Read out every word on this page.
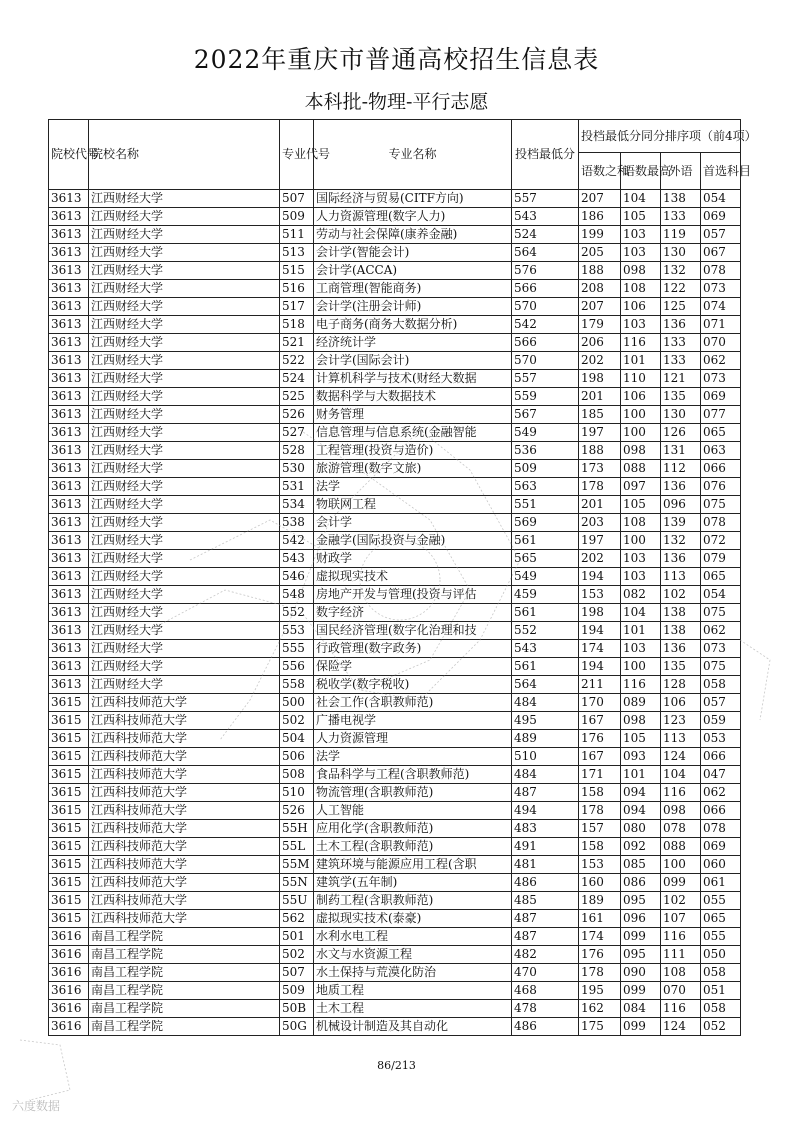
2022年重庆市普通高校招生信息表
本科批-物理-平行志愿
院校代号	院校名称	专业代号	专业名称	投档最低分	投档最低分同分排序项（前4项）			
					语数之和	语数最高	外语	首选科目
3613	江西财经大学	507	国际经济与贸易(CITF方向)	557	207	104	138	054
3613	江西财经大学	509	人力资源管理(数字人力)	543	186	105	133	069
3613	江西财经大学	511	劳动与社会保障(康养金融)	524	199	103	119	057
3613	江西财经大学	513	会计学(智能会计)	564	205	103	130	067
3613	江西财经大学	515	会计学(ACCA)	576	188	098	132	078
3613	江西财经大学	516	工商管理(智能商务)	566	208	108	122	073
3613	江西财经大学	517	会计学(注册会计师)	570	207	106	125	074
3613	江西财经大学	518	电子商务(商务大数据分析)	542	179	103	136	071
3613	江西财经大学	521	经济统计学	566	206	116	133	070
3613	江西财经大学	522	会计学(国际会计)	570	202	101	133	062
3613	江西财经大学	524	计算机科学与技术(财经大数据	557	198	110	121	073
3613	江西财经大学	525	数据科学与大数据技术	559	201	106	135	069
3613	江西财经大学	526	财务管理	567	185	100	130	077
3613	江西财经大学	527	信息管理与信息系统(金融智能	549	197	100	126	065
3613	江西财经大学	528	工程管理(投资与造价)	536	188	098	131	063
3613	江西财经大学	530	旅游管理(数字文旅)	509	173	088	112	066
3613	江西财经大学	531	法学	563	178	097	136	076
3613	江西财经大学	534	物联网工程	551	201	105	096	075
3613	江西财经大学	538	会计学	569	203	108	139	078
3613	江西财经大学	542	金融学(国际投资与金融)	561	197	100	132	072
3613	江西财经大学	543	财政学	565	202	103	136	079
3613	江西财经大学	546	虚拟现实技术	549	194	103	113	065
3613	江西财经大学	548	房地产开发与管理(投资与评估	459	153	082	102	054
3613	江西财经大学	552	数字经济	561	198	104	138	075
3613	江西财经大学	553	国民经济管理(数字化治理和技	552	194	101	138	062
3613	江西财经大学	555	行政管理(数字政务)	543	174	103	136	073
3613	江西财经大学	556	保险学	561	194	100	135	075
3613	江西财经大学	558	税收学(数字税收)	564	211	116	128	058
3615	江西科技师范大学	500	社会工作(含职教师范)	484	170	089	106	057
3615	江西科技师范大学	502	广播电视学	495	167	098	123	059
3615	江西科技师范大学	504	人力资源管理	489	176	105	113	053
3615	江西科技师范大学	506	法学	510	167	093	124	066
3615	江西科技师范大学	508	食品科学与工程(含职教师范)	484	171	101	104	047
3615	江西科技师范大学	510	物流管理(含职教师范)	487	158	094	116	062
3615	江西科技师范大学	526	人工智能	494	178	094	098	066
3615	江西科技师范大学	55H	应用化学(含职教师范)	483	157	080	078	078
3615	江西科技师范大学	55L	土木工程(含职教师范)	491	158	092	088	069
3615	江西科技师范大学	55M	建筑环境与能源应用工程(含职	481	153	085	100	060
3615	江西科技师范大学	55N	建筑学(五年制)	486	160	086	099	061
3615	江西科技师范大学	55U	制药工程(含职教师范)	485	189	095	102	055
3615	江西科技师范大学	562	虚拟现实技术(泰豪)	487	161	096	107	065
3616	南昌工程学院	501	水利水电工程	487	174	099	116	055
3616	南昌工程学院	502	水文与水资源工程	482	176	095	111	050
3616	南昌工程学院	507	水土保持与荒漠化防治	470	178	090	108	058
3616	南昌工程学院	509	地质工程	468	195	099	070	051
3616	南昌工程学院	50B	土木工程	478	162	084	116	058
3616	南昌工程学院	50G	机械设计制造及其自动化	486	175	099	124	052
86/213
六度数据
